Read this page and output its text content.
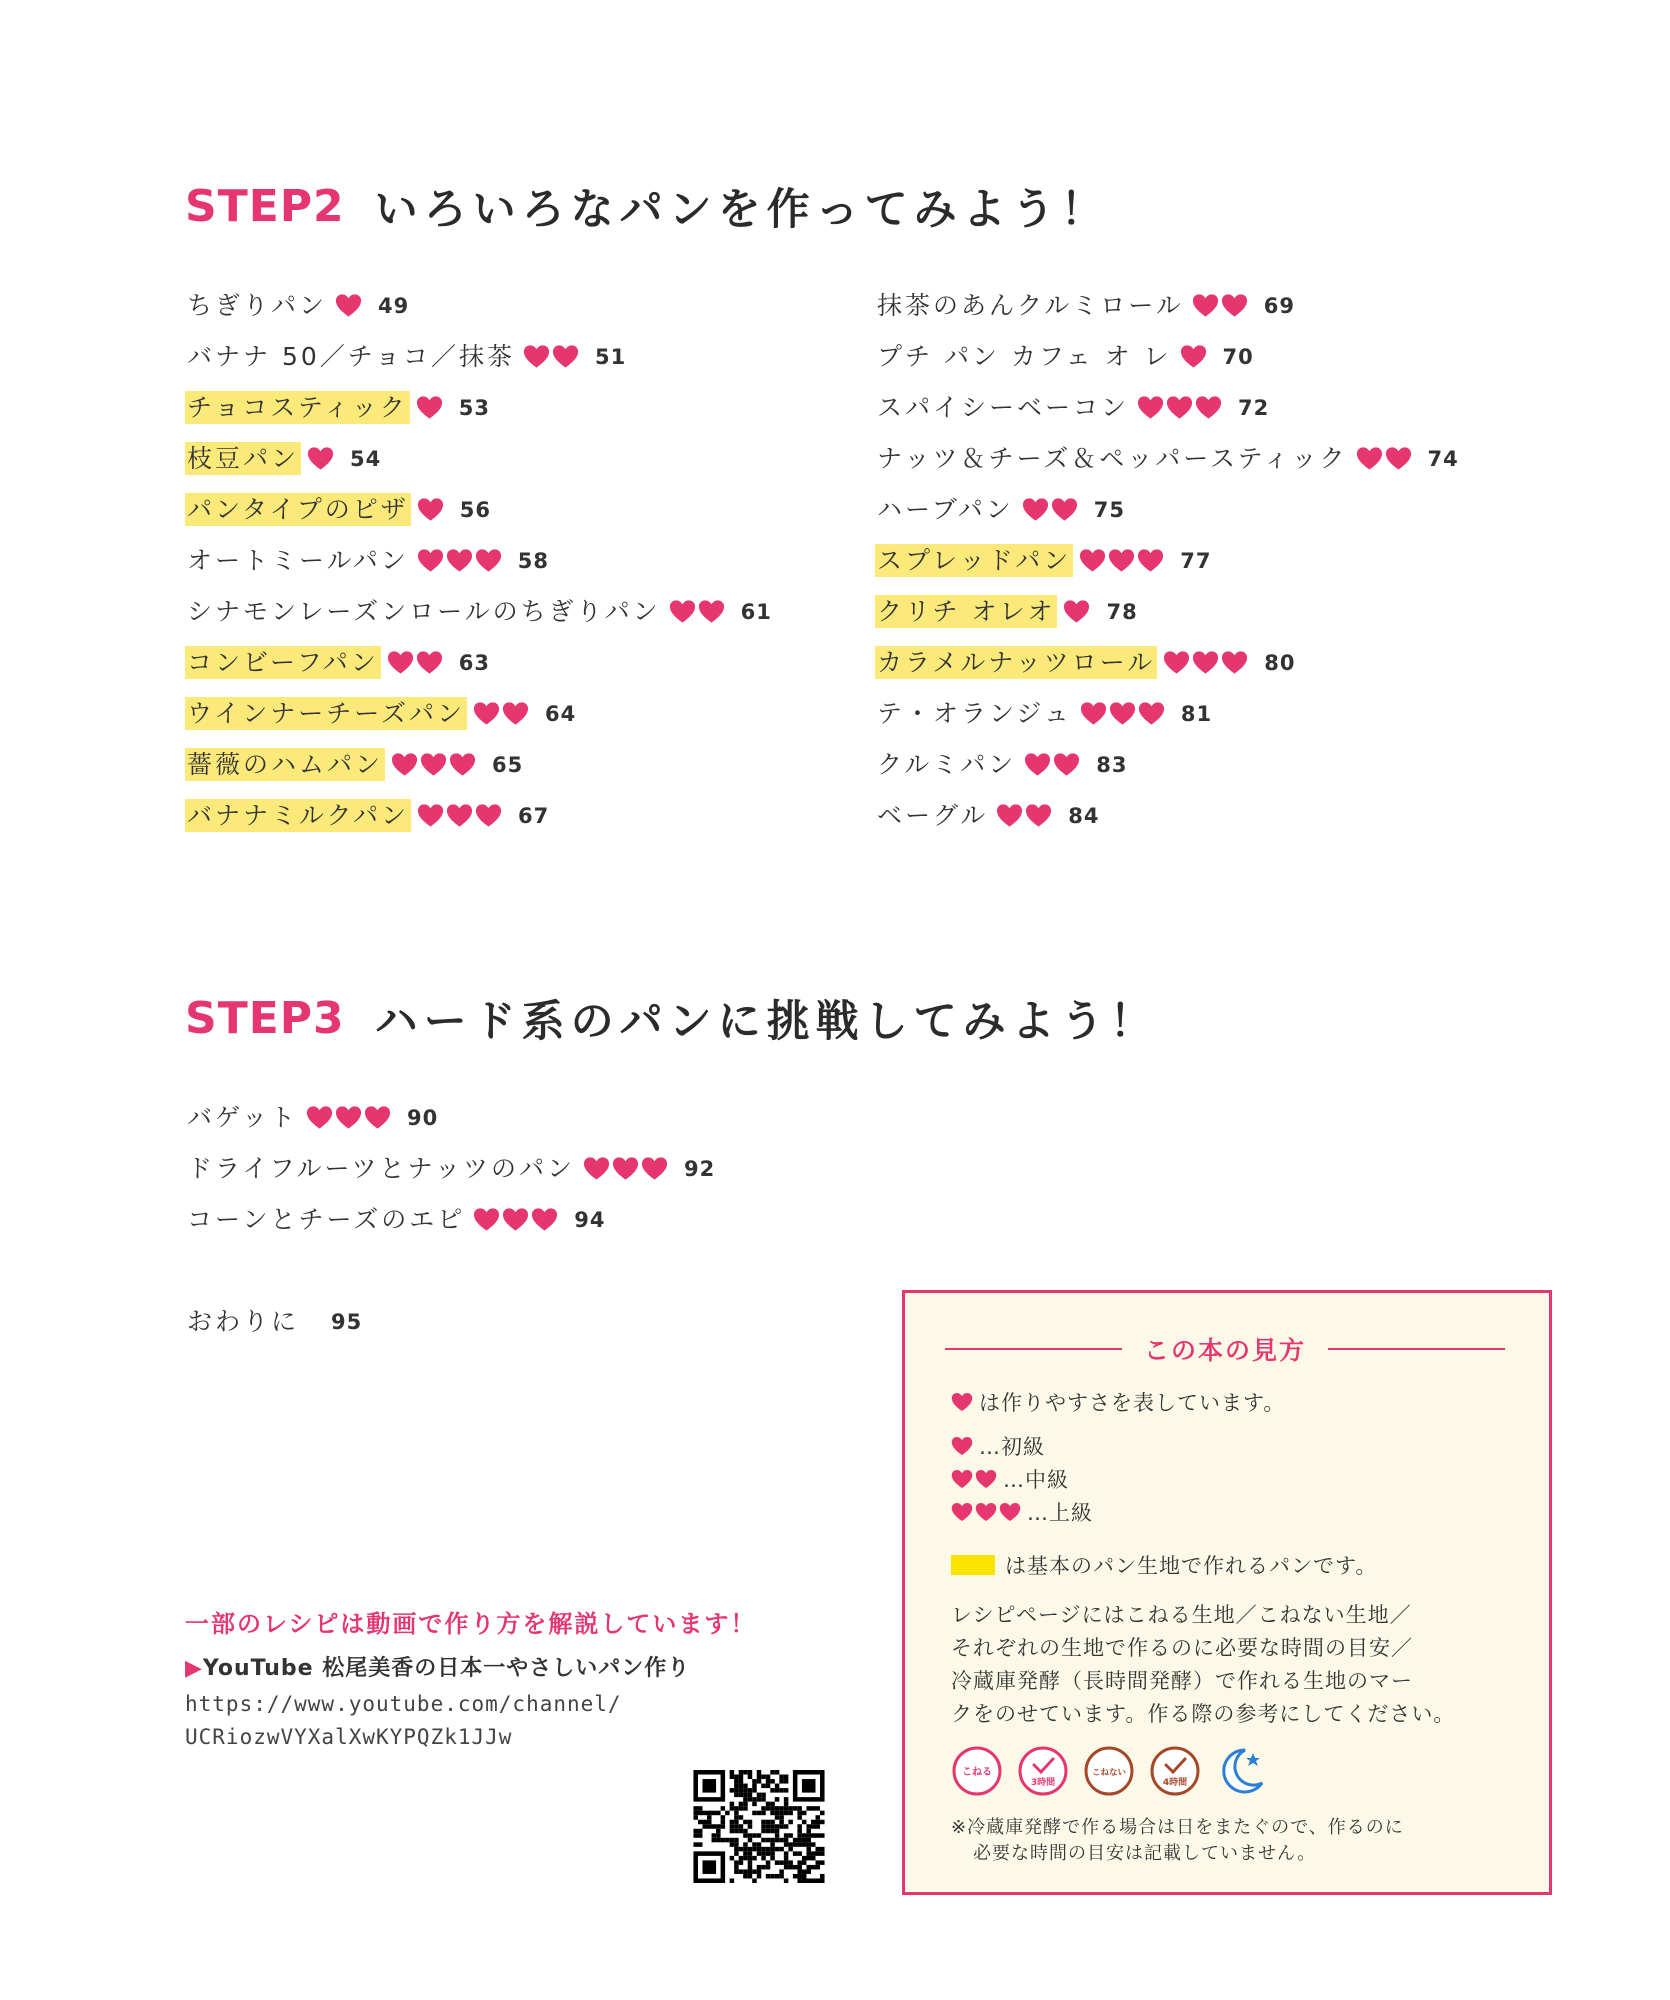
STEP2 いろいろなパンを作ってみよう！
ちぎりパン 49
バナナ 50／チョコ／抹茶	51
チョコスティック 53
枝豆パン 54
パンタイプのピザ 56
オートミールパン	58
シナモンレーズンロールのちぎりパン	61
コンビーフパン	63
ウインナーチーズパン	64
薔薇のハムパン	65
バナナミルクパン	67
抹茶のあんクルミロール	69
プチ パン カフェ オ レ 70
スパイシーベーコン	72
ナッツ＆チーズ＆ペッパースティック	74
ハーブパン	75
スプレッドパン	77
クリチ オレオ 78
カラメルナッツロール	80
テ・オランジュ	81
クルミパン	83
ベーグル	84
STEP3 ハード系のパンに挑戦してみよう！
バゲット	90
ドライフルーツとナッツのパン	92
コーンとチーズのエピ	94
おわりに 95
一部のレシピは動画で作り方を解説しています！
▶YouTube 松尾美香の日本一やさしいパン作り
https://www.youtube.com/channel/
UCRiozwVYXalXwKYPQZk1JJw
この本の見方
は作りやすさを表しています。
…初級
…中級
…上級
は基本のパン生地で作れるパンです。
レシピページにはこねる生地／こねない生地／
それぞれの生地で作るのに必要な時間の目安／
冷蔵庫発酵（長時間発酵）で作れる生地のマー
クをのせています。作る際の参考にしてください。
こねる
3時間
こねない
4時間
※冷蔵庫発酵で作る場合は日をまたぐので、作るのに
必要な時間の目安は記載していません。
